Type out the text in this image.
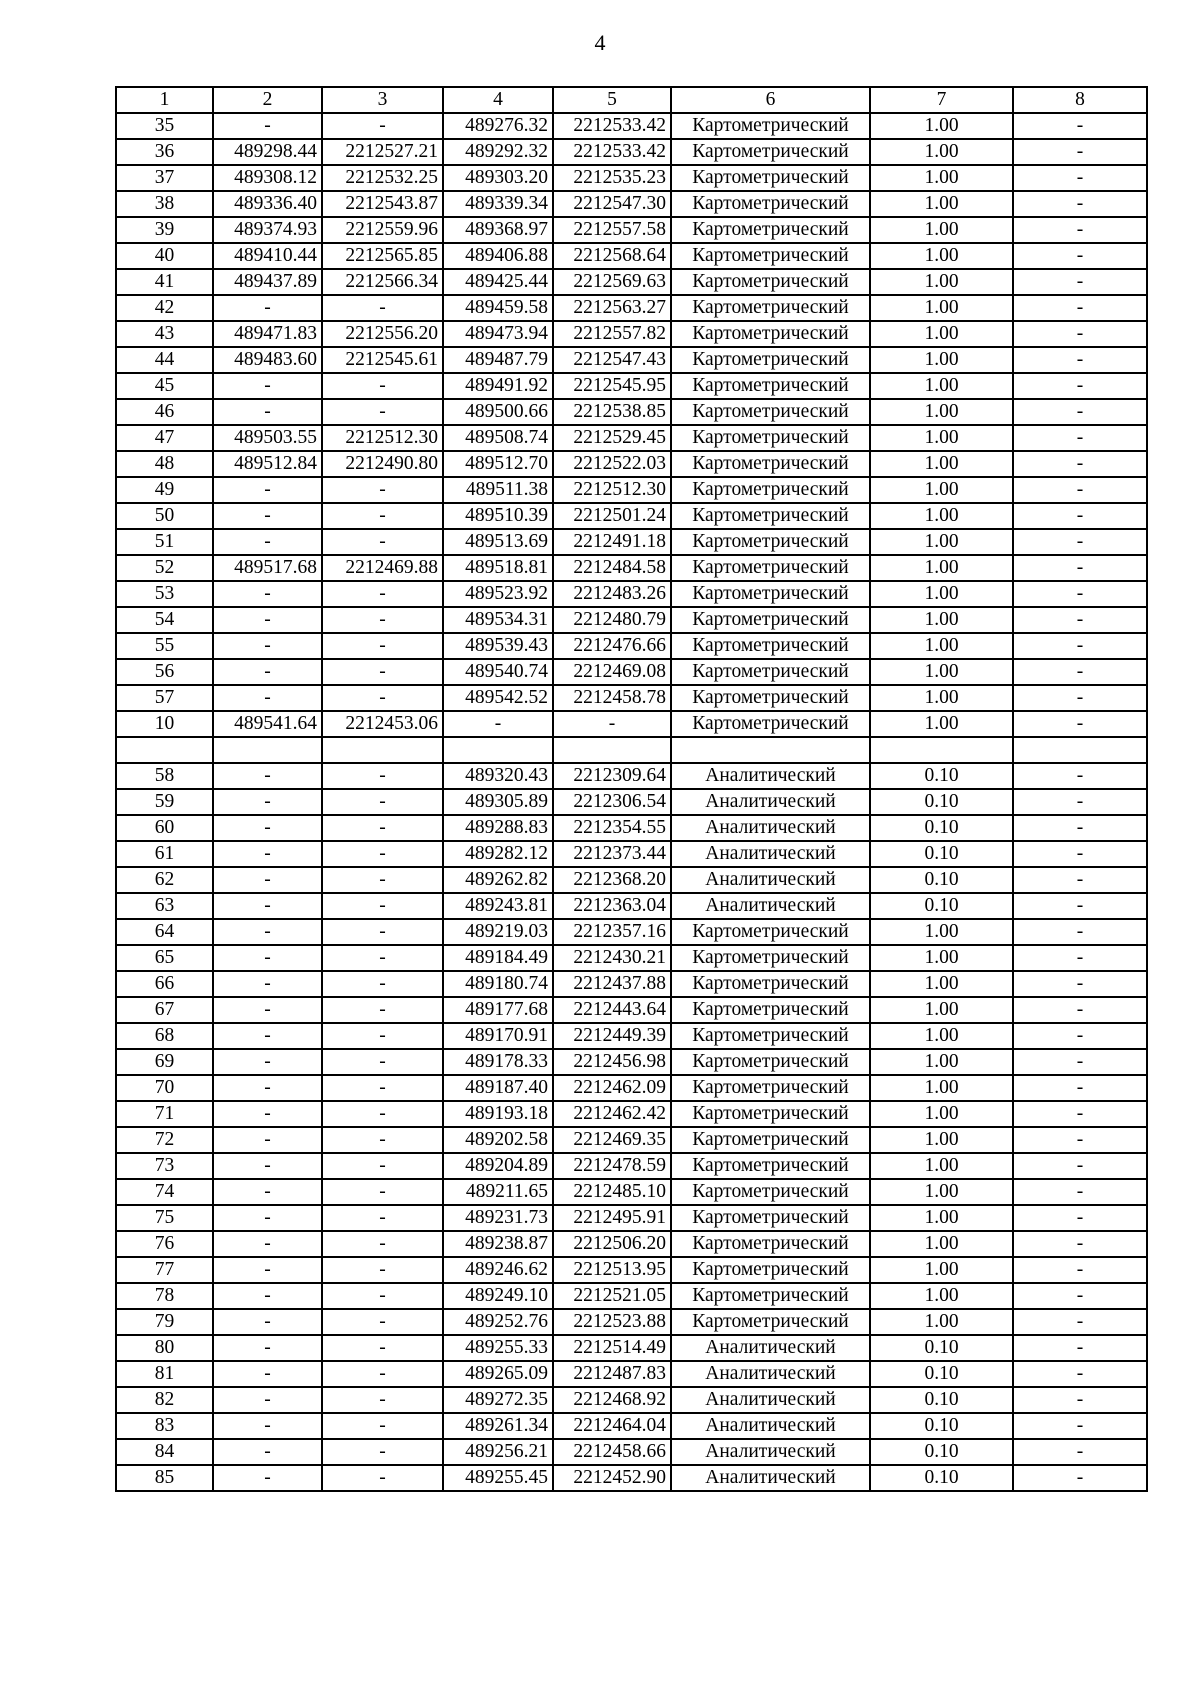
4
1	2	3	4	5	6	7	8
35	-	-	489276.32	2212533.42	Картометрический	1.00	-
36	489298.44	2212527.21	489292.32	2212533.42	Картометрический	1.00	-
37	489308.12	2212532.25	489303.20	2212535.23	Картометрический	1.00	-
38	489336.40	2212543.87	489339.34	2212547.30	Картометрический	1.00	-
39	489374.93	2212559.96	489368.97	2212557.58	Картометрический	1.00	-
40	489410.44	2212565.85	489406.88	2212568.64	Картометрический	1.00	-
41	489437.89	2212566.34	489425.44	2212569.63	Картометрический	1.00	-
42	-	-	489459.58	2212563.27	Картометрический	1.00	-
43	489471.83	2212556.20	489473.94	2212557.82	Картометрический	1.00	-
44	489483.60	2212545.61	489487.79	2212547.43	Картометрический	1.00	-
45	-	-	489491.92	2212545.95	Картометрический	1.00	-
46	-	-	489500.66	2212538.85	Картометрический	1.00	-
47	489503.55	2212512.30	489508.74	2212529.45	Картометрический	1.00	-
48	489512.84	2212490.80	489512.70	2212522.03	Картометрический	1.00	-
49	-	-	489511.38	2212512.30	Картометрический	1.00	-
50	-	-	489510.39	2212501.24	Картометрический	1.00	-
51	-	-	489513.69	2212491.18	Картометрический	1.00	-
52	489517.68	2212469.88	489518.81	2212484.58	Картометрический	1.00	-
53	-	-	489523.92	2212483.26	Картометрический	1.00	-
54	-	-	489534.31	2212480.79	Картометрический	1.00	-
55	-	-	489539.43	2212476.66	Картометрический	1.00	-
56	-	-	489540.74	2212469.08	Картометрический	1.00	-
57	-	-	489542.52	2212458.78	Картометрический	1.00	-
10	489541.64	2212453.06	-	-	Картометрический	1.00	-

58	-	-	489320.43	2212309.64	Аналитический	0.10	-
59	-	-	489305.89	2212306.54	Аналитический	0.10	-
60	-	-	489288.83	2212354.55	Аналитический	0.10	-
61	-	-	489282.12	2212373.44	Аналитический	0.10	-
62	-	-	489262.82	2212368.20	Аналитический	0.10	-
63	-	-	489243.81	2212363.04	Аналитический	0.10	-
64	-	-	489219.03	2212357.16	Картометрический	1.00	-
65	-	-	489184.49	2212430.21	Картометрический	1.00	-
66	-	-	489180.74	2212437.88	Картометрический	1.00	-
67	-	-	489177.68	2212443.64	Картометрический	1.00	-
68	-	-	489170.91	2212449.39	Картометрический	1.00	-
69	-	-	489178.33	2212456.98	Картометрический	1.00	-
70	-	-	489187.40	2212462.09	Картометрический	1.00	-
71	-	-	489193.18	2212462.42	Картометрический	1.00	-
72	-	-	489202.58	2212469.35	Картометрический	1.00	-
73	-	-	489204.89	2212478.59	Картометрический	1.00	-
74	-	-	489211.65	2212485.10	Картометрический	1.00	-
75	-	-	489231.73	2212495.91	Картометрический	1.00	-
76	-	-	489238.87	2212506.20	Картометрический	1.00	-
77	-	-	489246.62	2212513.95	Картометрический	1.00	-
78	-	-	489249.10	2212521.05	Картометрический	1.00	-
79	-	-	489252.76	2212523.88	Картометрический	1.00	-
80	-	-	489255.33	2212514.49	Аналитический	0.10	-
81	-	-	489265.09	2212487.83	Аналитический	0.10	-
82	-	-	489272.35	2212468.92	Аналитический	0.10	-
83	-	-	489261.34	2212464.04	Аналитический	0.10	-
84	-	-	489256.21	2212458.66	Аналитический	0.10	-
85	-	-	489255.45	2212452.90	Аналитический	0.10	-
